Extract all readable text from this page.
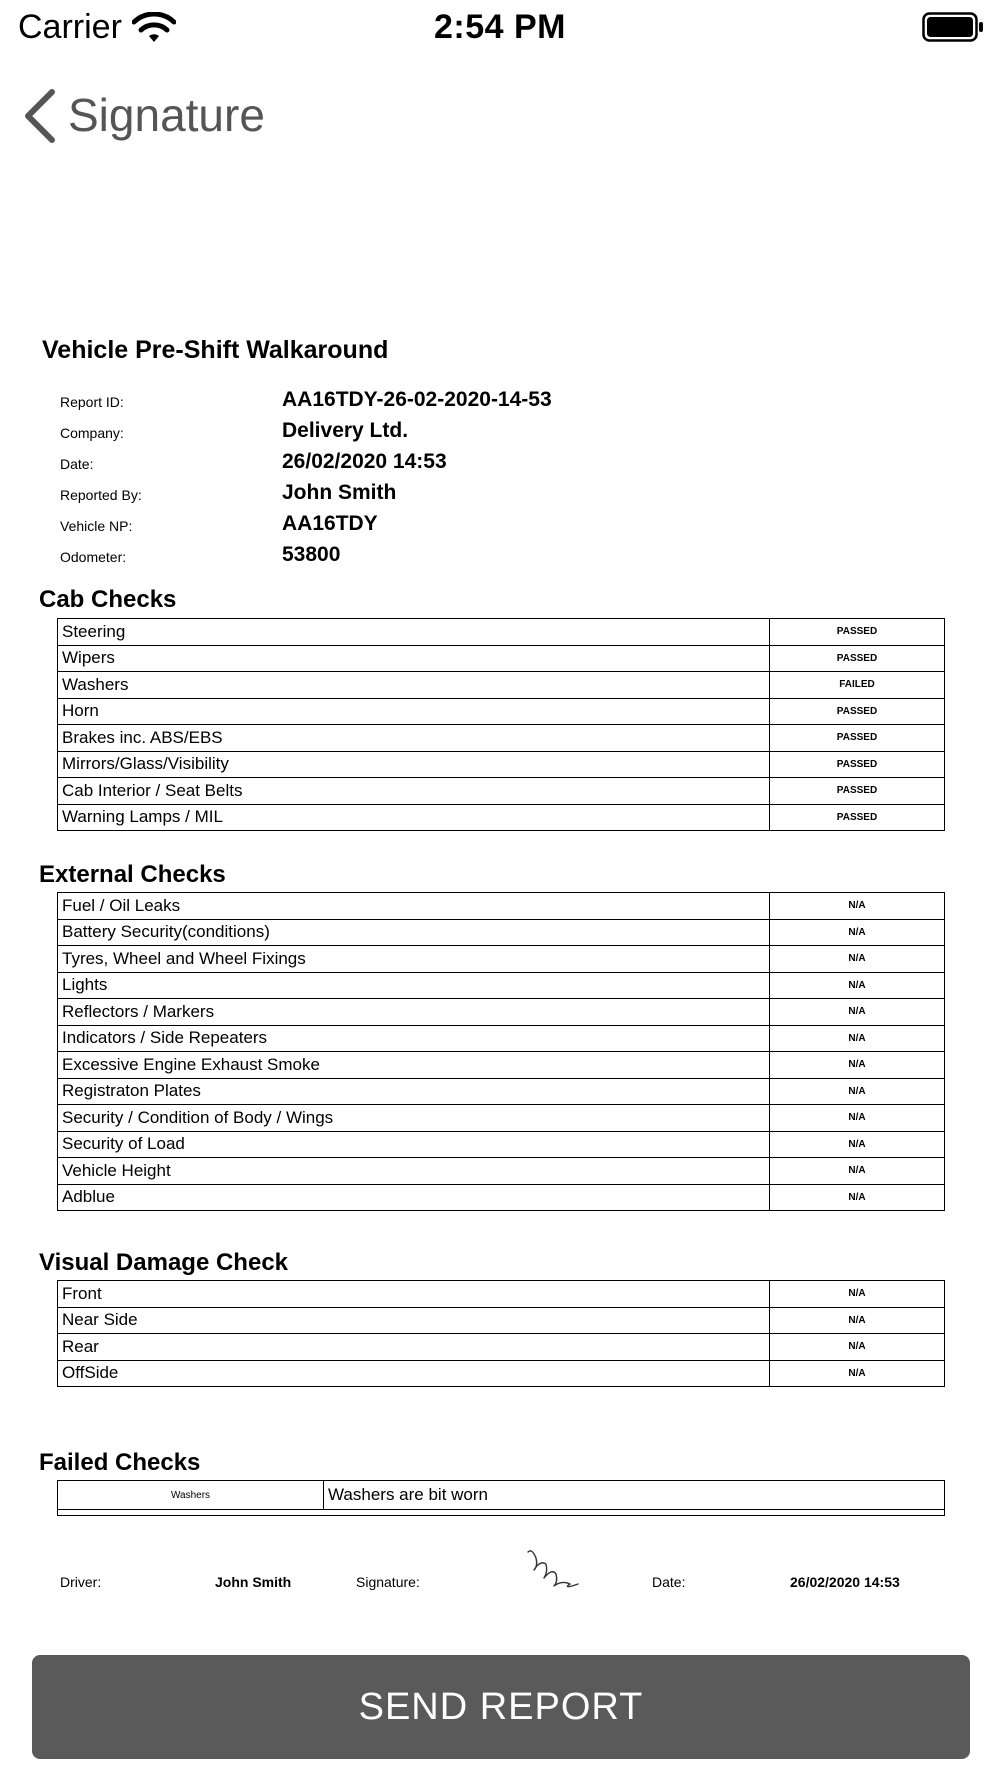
Carrier	2:54 PM
Signature
Vehicle Pre-Shift Walkaround
Report ID:	AA16TDY-26-02-2020-14-53
Company:	Delivery Ltd.
Date:	26/02/2020 14:53
Reported By:	John Smith
Vehicle NP:	AA16TDY
Odometer:	53800
Cab Checks
Steering	PASSED
Wipers	PASSED
Washers	FAILED
Horn	PASSED
Brakes inc. ABS/EBS	PASSED
Mirrors/Glass/Visibility	PASSED
Cab Interior / Seat Belts	PASSED
Warning Lamps / MIL	PASSED
External Checks
Fuel / Oil Leaks	N/A
Battery Security(conditions)	N/A
Tyres, Wheel and Wheel Fixings	N/A
Lights	N/A
Reflectors / Markers	N/A
Indicators / Side Repeaters	N/A
Excessive Engine Exhaust Smoke	N/A
Registraton Plates	N/A
Security / Condition of Body / Wings	N/A
Security of Load	N/A
Vehicle Height	N/A
Adblue	N/A
Visual Damage Check
Front	N/A
Near Side	N/A
Rear	N/A
OffSide	N/A
Failed Checks
Washers	Washers are bit worn

Driver:	John Smith	Signature:	Date:	26/02/2020 14:53
SEND REPORT
